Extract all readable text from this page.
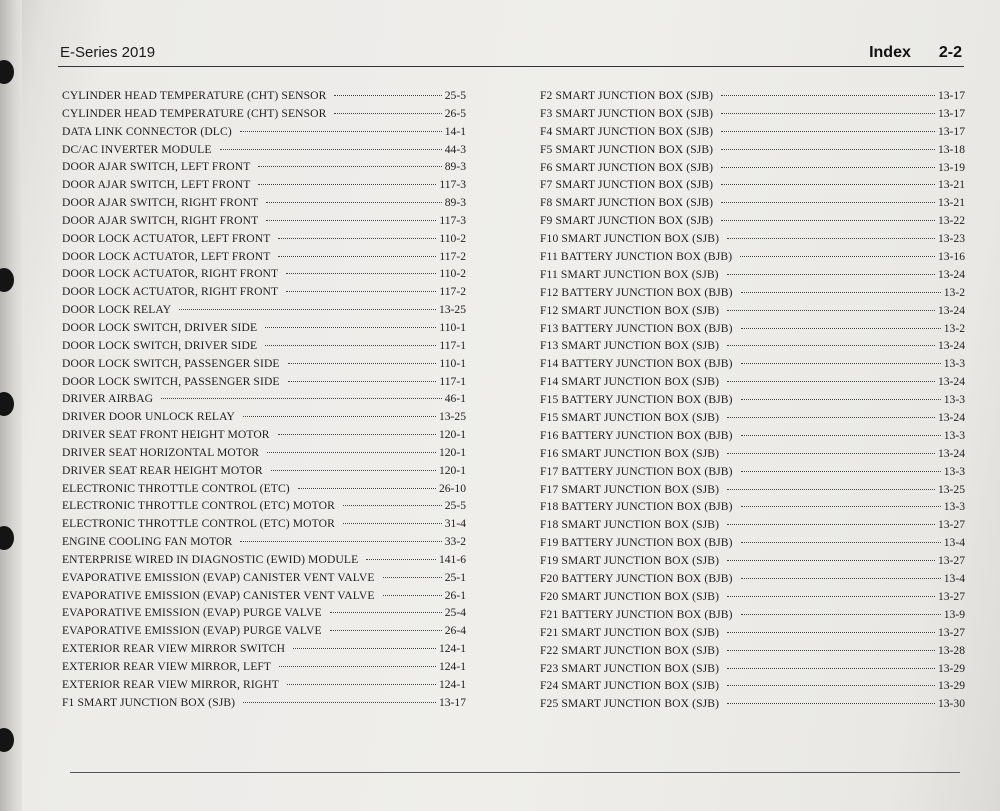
E-Series 2019	Index 2-2
CYLINDER HEAD TEMPERATURE (CHT) SENSOR	25-5
CYLINDER HEAD TEMPERATURE (CHT) SENSOR	26-5
DATA LINK CONNECTOR (DLC)	14-1
DC/AC INVERTER MODULE	44-3
DOOR AJAR SWITCH, LEFT FRONT	89-3
DOOR AJAR SWITCH, LEFT FRONT	117-3
DOOR AJAR SWITCH, RIGHT FRONT	89-3
DOOR AJAR SWITCH, RIGHT FRONT	117-3
DOOR LOCK ACTUATOR, LEFT FRONT	110-2
DOOR LOCK ACTUATOR, LEFT FRONT	117-2
DOOR LOCK ACTUATOR, RIGHT FRONT	110-2
DOOR LOCK ACTUATOR, RIGHT FRONT	117-2
DOOR LOCK RELAY	13-25
DOOR LOCK SWITCH, DRIVER SIDE	110-1
DOOR LOCK SWITCH, DRIVER SIDE	117-1
DOOR LOCK SWITCH, PASSENGER SIDE	110-1
DOOR LOCK SWITCH, PASSENGER SIDE	117-1
DRIVER AIRBAG	46-1
DRIVER DOOR UNLOCK RELAY	13-25
DRIVER SEAT FRONT HEIGHT MOTOR	120-1
DRIVER SEAT HORIZONTAL MOTOR	120-1
DRIVER SEAT REAR HEIGHT MOTOR	120-1
ELECTRONIC THROTTLE CONTROL (ETC)	26-10
ELECTRONIC THROTTLE CONTROL (ETC) MOTOR	25-5
ELECTRONIC THROTTLE CONTROL (ETC) MOTOR	31-4
ENGINE COOLING FAN MOTOR	33-2
ENTERPRISE WIRED IN DIAGNOSTIC (EWID) MODULE	141-6
EVAPORATIVE EMISSION (EVAP) CANISTER VENT VALVE	25-1
EVAPORATIVE EMISSION (EVAP) CANISTER VENT VALVE	26-1
EVAPORATIVE EMISSION (EVAP) PURGE VALVE	25-4
EVAPORATIVE EMISSION (EVAP) PURGE VALVE	26-4
EXTERIOR REAR VIEW MIRROR SWITCH	124-1
EXTERIOR REAR VIEW MIRROR, LEFT	124-1
EXTERIOR REAR VIEW MIRROR, RIGHT	124-1
F1 SMART JUNCTION BOX (SJB)	13-17
F2 SMART JUNCTION BOX (SJB)	13-17
F3 SMART JUNCTION BOX (SJB)	13-17
F4 SMART JUNCTION BOX (SJB)	13-17
F5 SMART JUNCTION BOX (SJB)	13-18
F6 SMART JUNCTION BOX (SJB)	13-19
F7 SMART JUNCTION BOX (SJB)	13-21
F8 SMART JUNCTION BOX (SJB)	13-21
F9 SMART JUNCTION BOX (SJB)	13-22
F10 SMART JUNCTION BOX (SJB)	13-23
F11 BATTERY JUNCTION BOX (BJB)	13-16
F11 SMART JUNCTION BOX (SJB)	13-24
F12 BATTERY JUNCTION BOX (BJB)	13-2
F12 SMART JUNCTION BOX (SJB)	13-24
F13 BATTERY JUNCTION BOX (BJB)	13-2
F13 SMART JUNCTION BOX (SJB)	13-24
F14 BATTERY JUNCTION BOX (BJB)	13-3
F14 SMART JUNCTION BOX (SJB)	13-24
F15 BATTERY JUNCTION BOX (BJB)	13-3
F15 SMART JUNCTION BOX (SJB)	13-24
F16 BATTERY JUNCTION BOX (BJB)	13-3
F16 SMART JUNCTION BOX (SJB)	13-24
F17 BATTERY JUNCTION BOX (BJB)	13-3
F17 SMART JUNCTION BOX (SJB)	13-25
F18 BATTERY JUNCTION BOX (BJB)	13-3
F18 SMART JUNCTION BOX (SJB)	13-27
F19 BATTERY JUNCTION BOX (BJB)	13-4
F19 SMART JUNCTION BOX (SJB)	13-27
F20 BATTERY JUNCTION BOX (BJB)	13-4
F20 SMART JUNCTION BOX (SJB)	13-27
F21 BATTERY JUNCTION BOX (BJB)	13-9
F21 SMART JUNCTION BOX (SJB)	13-27
F22 SMART JUNCTION BOX (SJB)	13-28
F23 SMART JUNCTION BOX (SJB)	13-29
F24 SMART JUNCTION BOX (SJB)	13-29
F25 SMART JUNCTION BOX (SJB)	13-30
